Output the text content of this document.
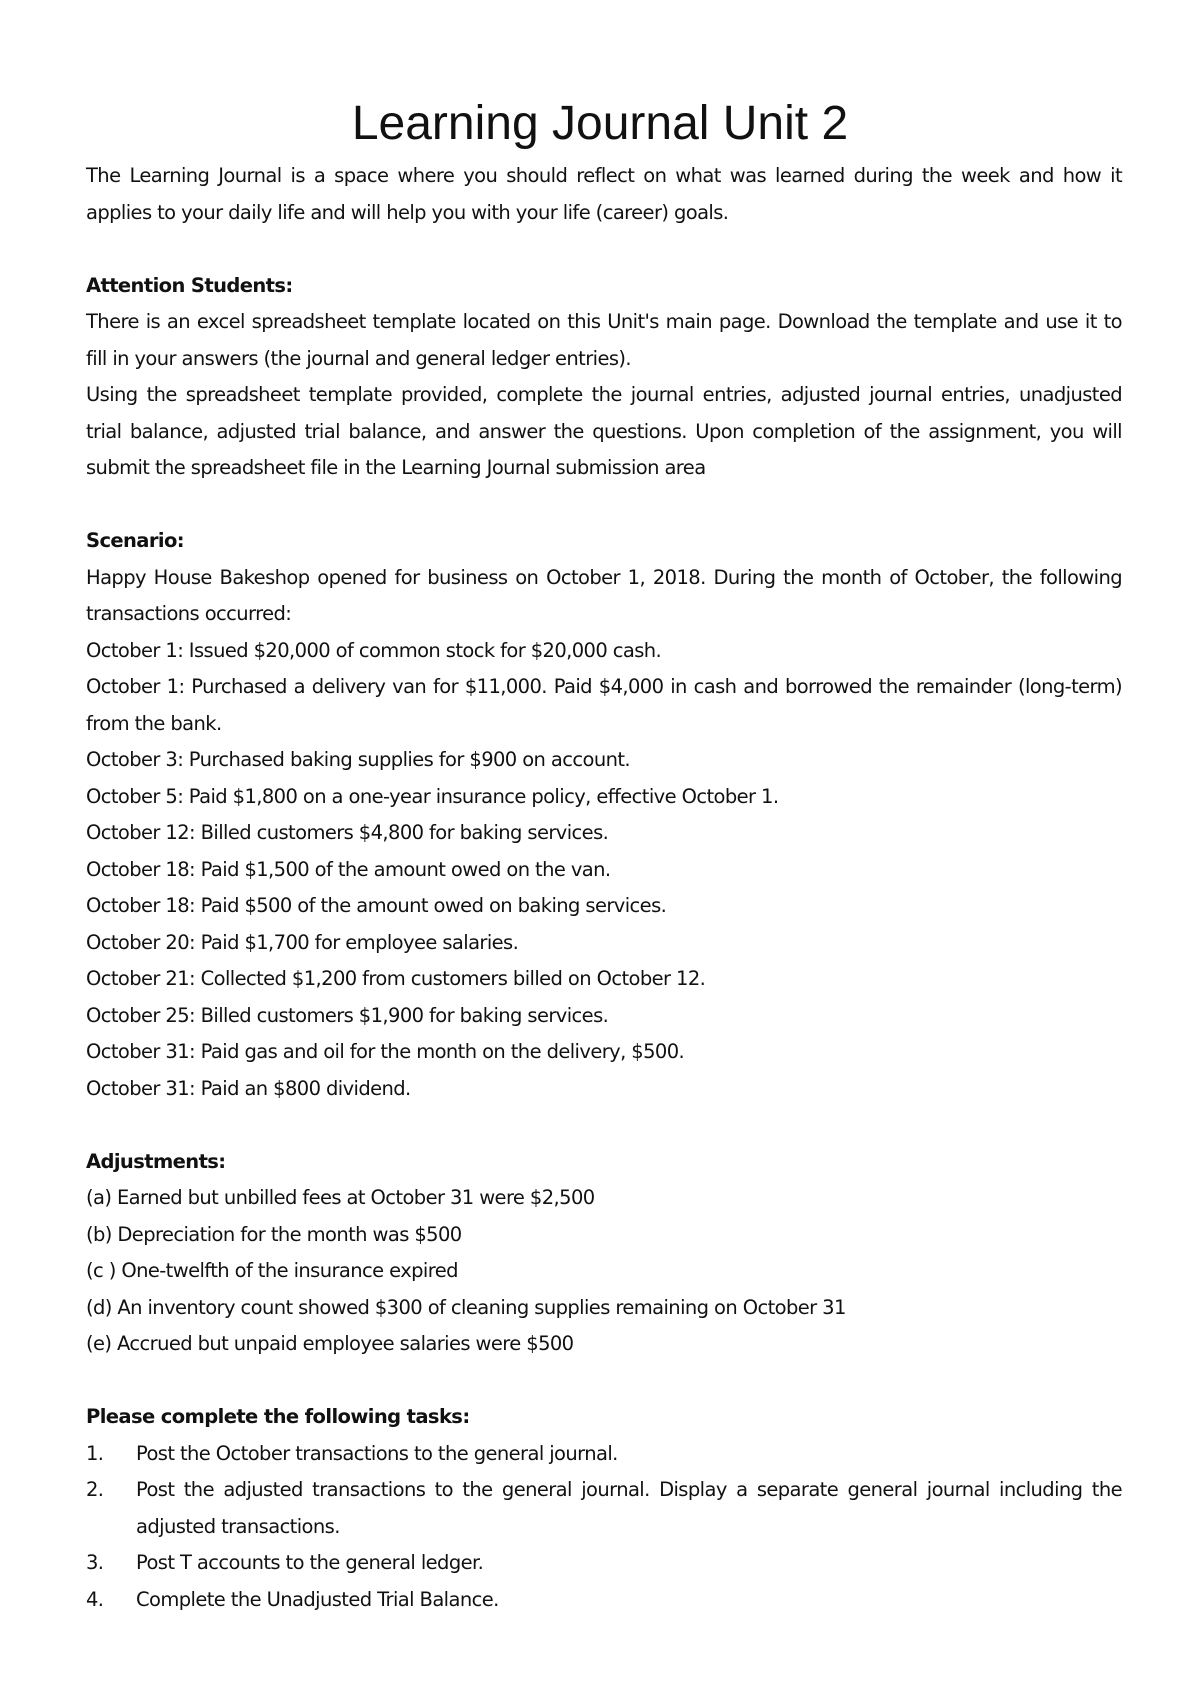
Learning Journal Unit 2

The Learning Journal is a space where you should reflect on what was learned during the week and how it applies to your daily life and will help you with your life (career) goals.

Attention Students:

There is an excel spreadsheet template located on this Unit's main page. Download the template and use it to fill in your answers (the journal and general ledger entries).

Using the spreadsheet template provided, complete the journal entries, adjusted journal entries, unadjusted trial balance, adjusted trial balance, and answer the questions. Upon completion of the assignment, you will submit the spreadsheet file in the Learning Journal submission area

Scenario:

Happy House Bakeshop opened for business on October 1, 2018. During the month of October, the following transactions occurred:

October 1: Issued $20,000 of common stock for $20,000 cash.

October 1: Purchased a delivery van for $11,000. Paid $4,000 in cash and borrowed the remainder (long-term) from the bank.

October 3: Purchased baking supplies for $900 on account.

October 5: Paid $1,800 on a one-year insurance policy, effective October 1.

October 12: Billed customers $4,800 for baking services.

October 18: Paid $1,500 of the amount owed on the van.

October 18: Paid $500 of the amount owed on baking services.

October 20: Paid $1,700 for employee salaries.

October 21: Collected $1,200 from customers billed on October 12.

October 25: Billed customers $1,900 for baking services.

October 31: Paid gas and oil for the month on the delivery, $500.

October 31: Paid an $800 dividend.

Adjustments:

(a) Earned but unbilled fees at October 31 were $2,500

(b) Depreciation for the month was $500

(c ) One-twelfth of the insurance expired

(d) An inventory count showed $300 of cleaning supplies remaining on October 31

(e) Accrued but unpaid employee salaries were $500

Please complete the following tasks:

1.	Post the October transactions to the general journal.
2.	Post the adjusted transactions to the general journal. Display a separate general journal including the adjusted transactions.
3.	Post T accounts to the general ledger.
4.	Complete the Unadjusted Trial Balance.
